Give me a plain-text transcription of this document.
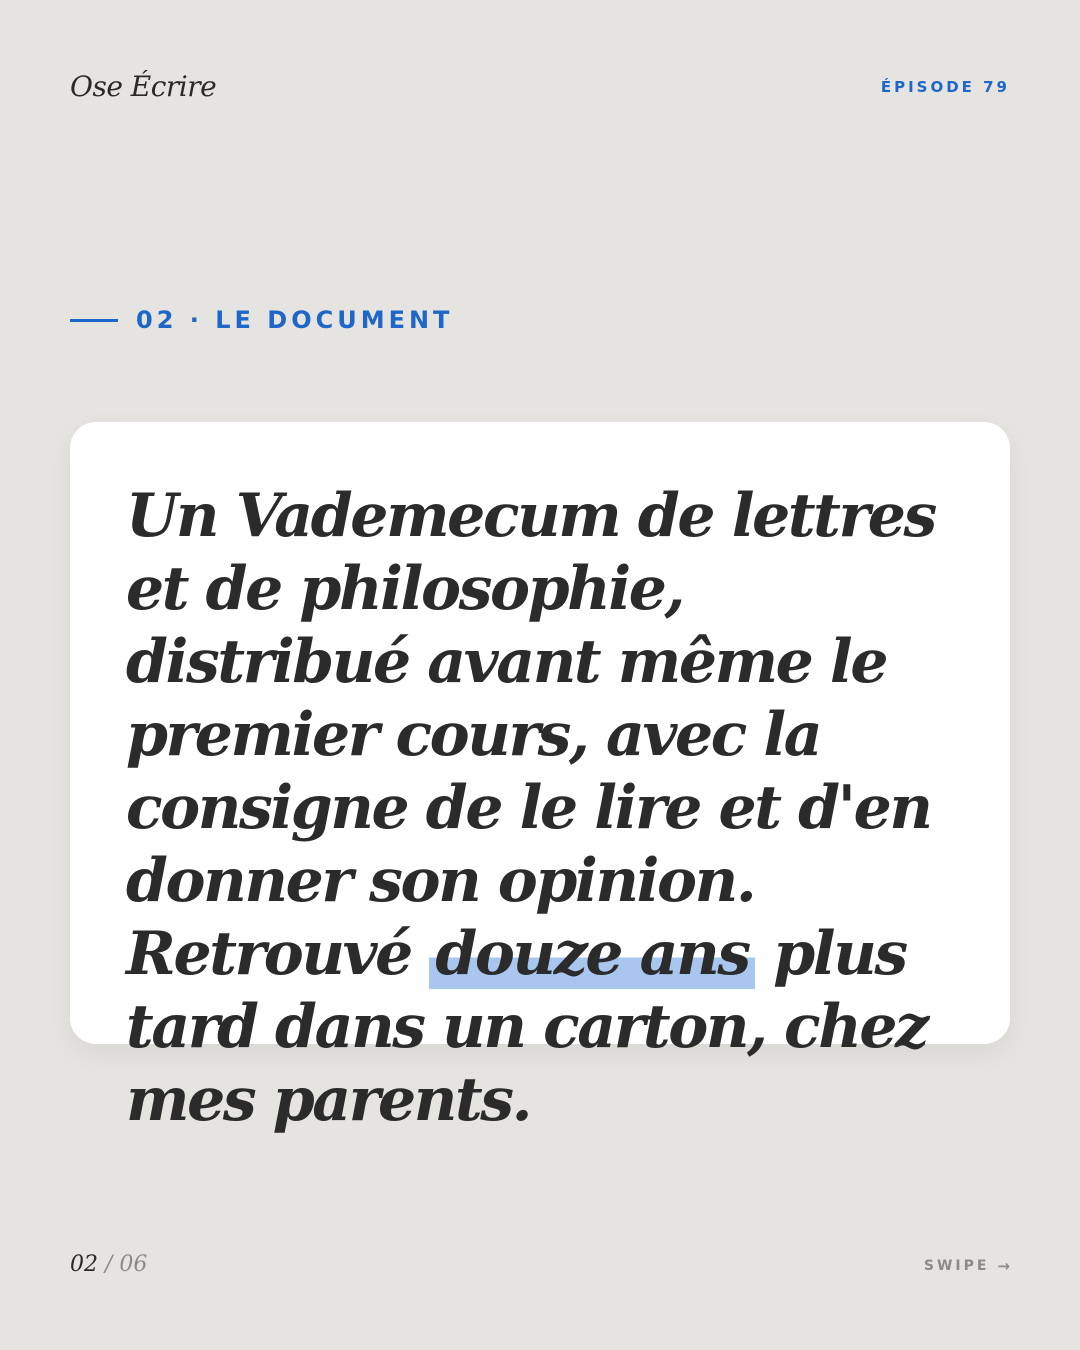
Ose Écrire	ÉPISODE 79
02 · LE DOCUMENT

Un Vademecum de lettres et de philosophie, distribué avant même le premier cours, avec la consigne de le lire et d'en donner son opinion. Retrouvé douze ans plus tard dans un carton, chez mes parents.

02 / 06	SWIPE →
